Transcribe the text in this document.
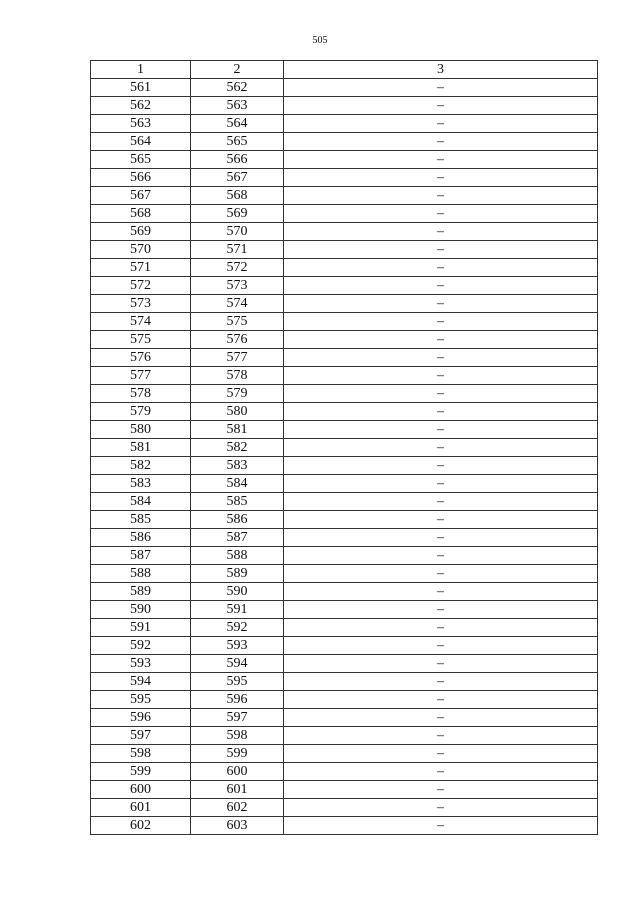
505
1	2	3
561	562	–
562	563	–
563	564	–
564	565	–
565	566	–
566	567	–
567	568	–
568	569	–
569	570	–
570	571	–
571	572	–
572	573	–
573	574	–
574	575	–
575	576	–
576	577	–
577	578	–
578	579	–
579	580	–
580	581	–
581	582	–
582	583	–
583	584	–
584	585	–
585	586	–
586	587	–
587	588	–
588	589	–
589	590	–
590	591	–
591	592	–
592	593	–
593	594	–
594	595	–
595	596	–
596	597	–
597	598	–
598	599	–
599	600	–
600	601	–
601	602	–
602	603	–
